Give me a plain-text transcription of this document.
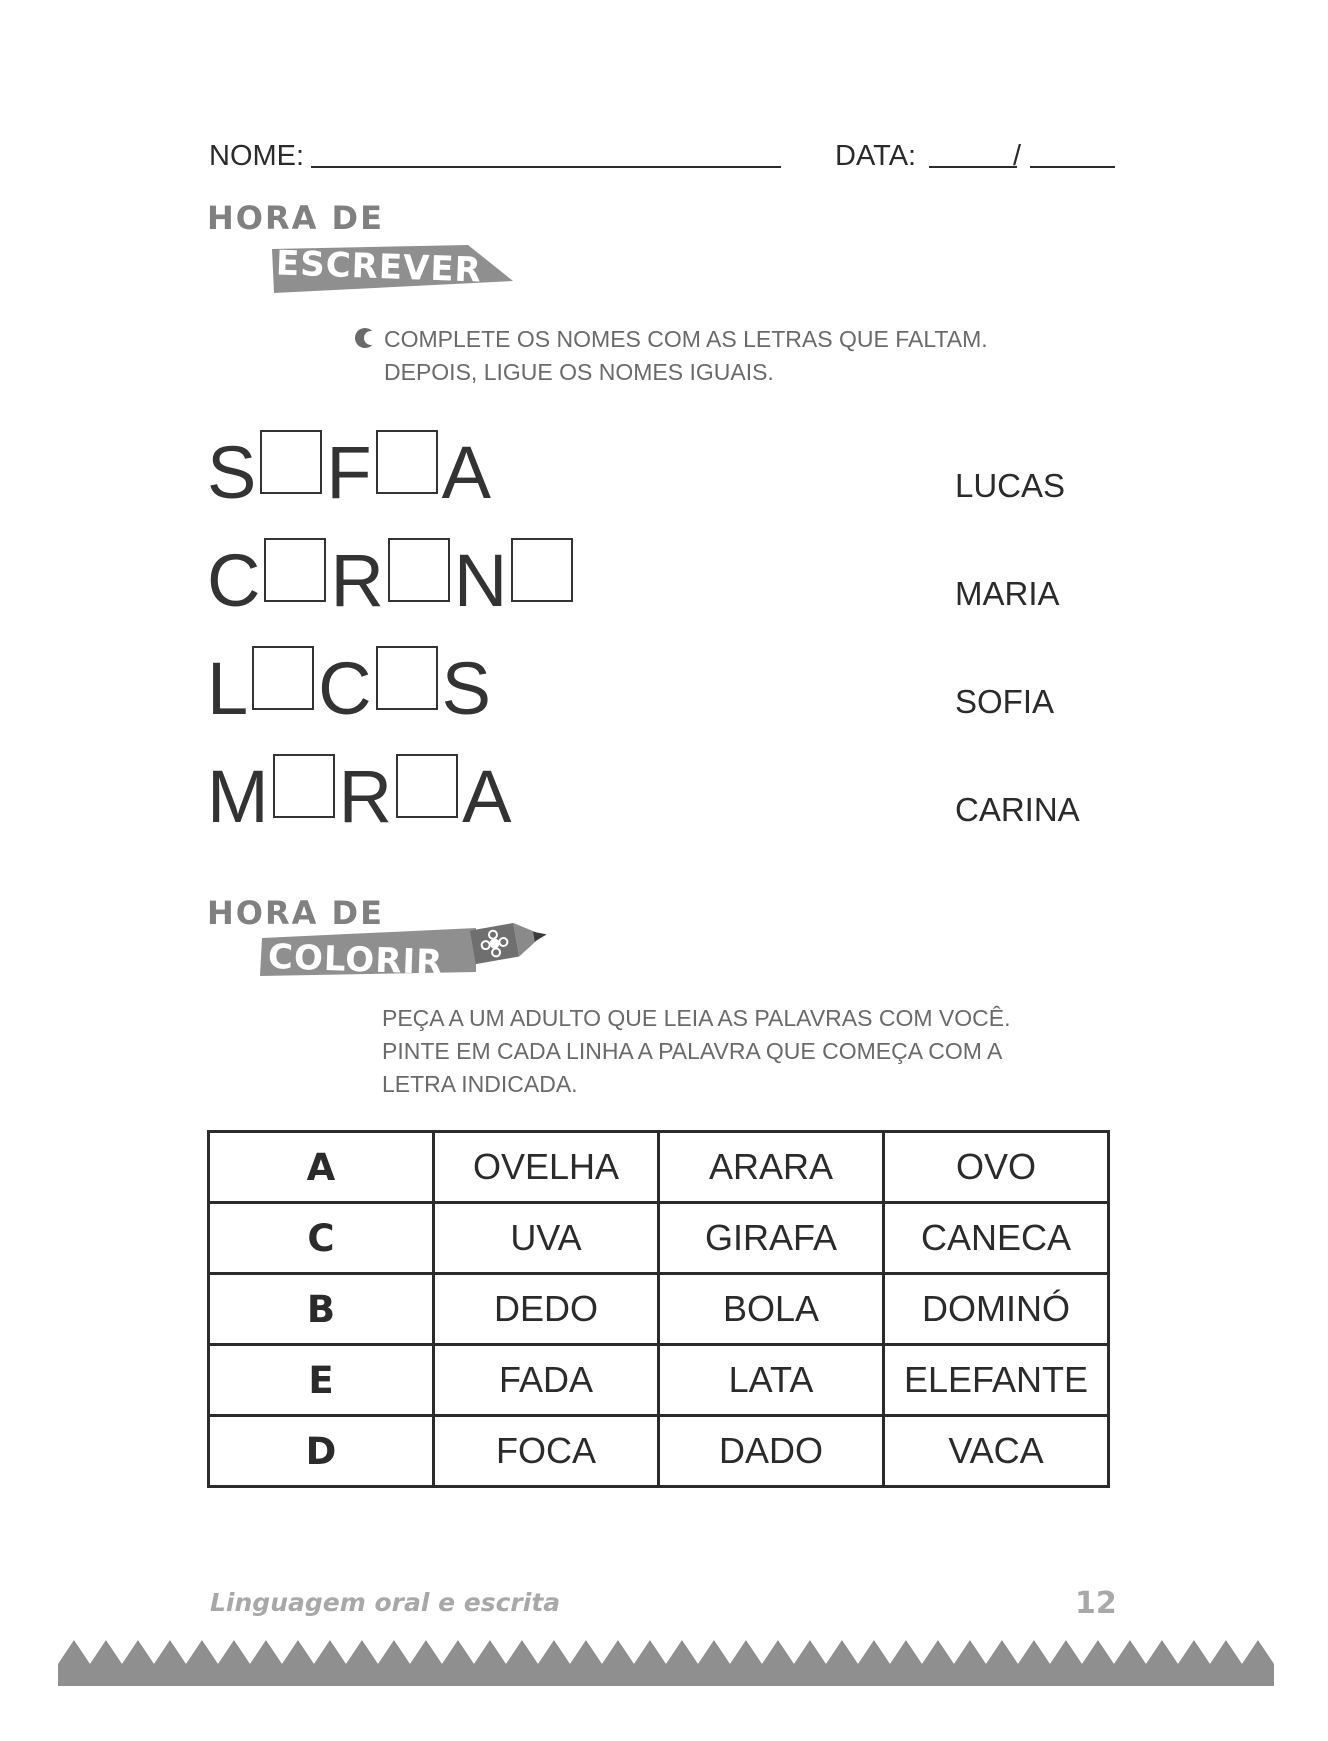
NOME:	DATA:	/
HORA DE
ESCREVER
COMPLETE OS NOMES COM AS LETRAS QUE FALTAM.
DEPOIS, LIGUE OS NOMES IGUAIS.
S F A
C R N
L C S
M R A
LUCAS
MARIA
SOFIA
CARINA
HORA DE
COLORIR
PEÇA A UM ADULTO QUE LEIA AS PALAVRAS COM VOCÊ.
PINTE EM CADA LINHA A PALAVRA QUE COMEÇA COM A
LETRA INDICADA.
A	OVELHA	ARARA	OVO
C	UVA	GIRAFA	CANECA
B	DEDO	BOLA	DOMINÓ
E	FADA	LATA	ELEFANTE
D	FOCA	DADO	VACA
Linguagem oral e escrita	12
